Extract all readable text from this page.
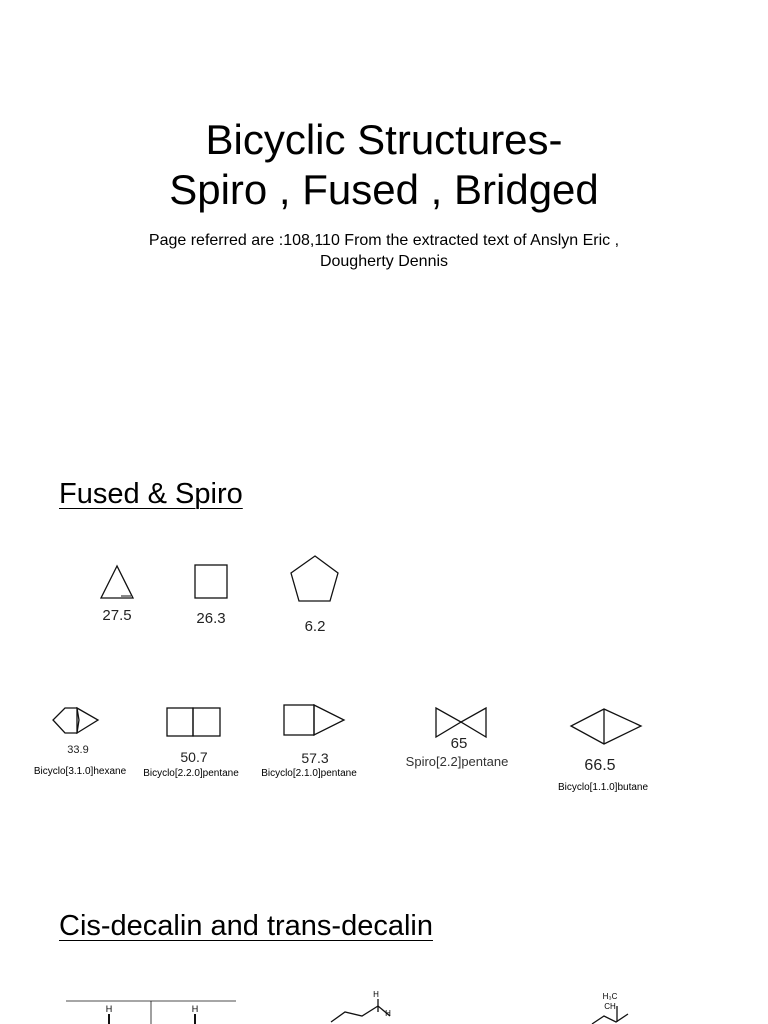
Bicyclic Structures-
Spiro , Fused , Bridged
Page referred are :108,110 From the extracted text of Anslyn Eric ,
Dougherty Dennis
Fused & Spiro
27.5	26.3	6.2
33.9
Bicyclo[3.1.0]hexane
50.7
Bicyclo[2.2.0]pentane
57.3
Bicyclo[2.1.0]pentane
65
Spiro[2.2]pentane	66.5
Bicyclo[1.1.0]butane
Cis-decalin and trans-decalin
H	H
H
H
H₃C
CH
